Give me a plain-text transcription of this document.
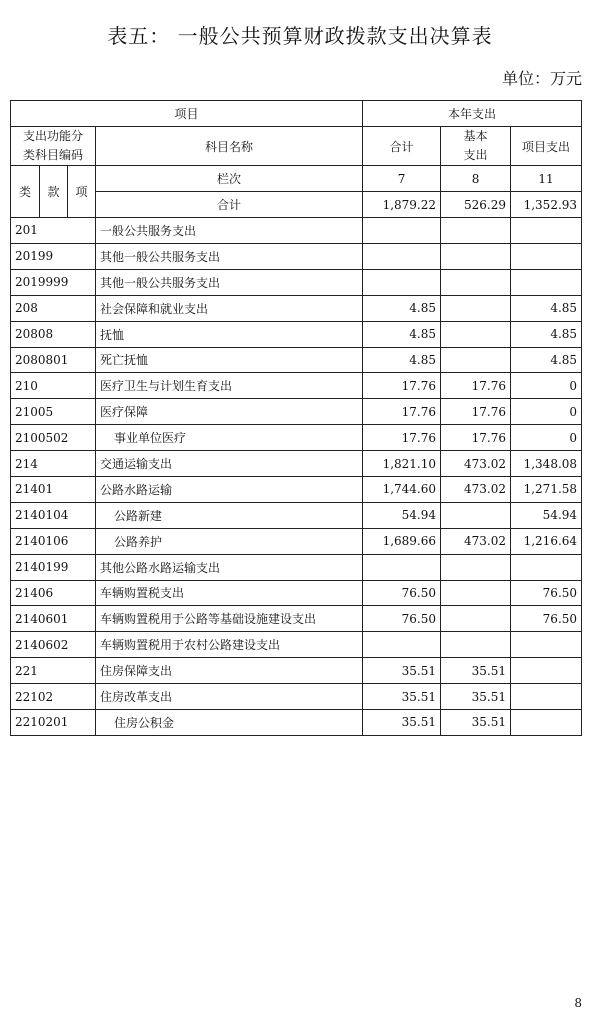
表五： 一般公共预算财政拨款支出决算表
单位：万元
项目				本年支出		
支出功能分类科目编码			科目名称	合计	基本支出	项目支出
类	款	项	栏次	7	8	11
			合计	1,879.22	526.29	1,352.93
201			一般公共服务支出			
20199			其他一般公共服务支出			
2019999			其他一般公共服务支出			
208			社会保障和就业支出	4.85		4.85
20808			抚恤	4.85		4.85
2080801			死亡抚恤	4.85		4.85
210			医疗卫生与计划生育支出	17.76	17.76	0
21005			医疗保障	17.76	17.76	0
2100502			事业单位医疗	17.76	17.76	0
214			交通运输支出	1,821.10	473.02	1,348.08
21401			公路水路运输	1,744.60	473.02	1,271.58
2140104			公路新建	54.94		54.94
2140106			公路养护	1,689.66	473.02	1,216.64
2140199			其他公路水路运输支出			
21406			车辆购置税支出	76.50		76.50
2140601			车辆购置税用于公路等基础设施建设支出	76.50		76.50
2140602			车辆购置税用于农村公路建设支出			
221			住房保障支出	35.51	35.51	
22102			住房改革支出	35.51	35.51	
2210201			住房公积金	35.51	35.51	
8
